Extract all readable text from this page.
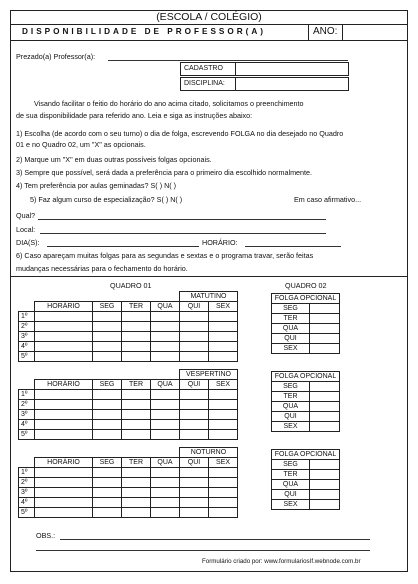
(ESCOLA / COLÉGIO)
DISPONIBILIDADE DE PROFESSOR(A)	ANO:
Prezado(a) Professor(a):
CADASTRO
DISCIPLINA:
Visando facilitar o feitio do horário do ano acima citado, solicitamos o preenchimento
de sua disponibilidade para referido ano. Leia e siga as instruções abaixo:
1) Escolha (de acordo com o seu turno) o dia de folga, escrevendo FOLGA no dia desejado no Quadro
01 e no Quadro 02, um "X" as opcionais.
2) Marque um "X" em duas outras possíveis folgas opcionais.
3) Sempre que possível, será dada a preferência para o primeiro dia escolhido normalmente.
4) Tem preferência por aulas geminadas? S( ) N( )
5) Faz algum curso de especialização? S( ) N( )	Em caso afirmativo...
Qual?
Local:
DIA(S):	HORÁRIO:
6) Caso apareçam muitas folgas para as segundas e sextas e o programa travar, serão feitas
mudanças necessárias para o fechamento do horário.
QUADRO 01	QUADRO 02
					MATUTINO	
	HORÁRIO	SEG	TER	QUA	QUI	SEX
1º						
2º						
3º						
4º						
5º						
					VESPERTINO	
	HORÁRIO	SEG	TER	QUA	QUI	SEX
1º						
2º						
3º						
4º						
5º						
					NOTURNO	
	HORÁRIO	SEG	TER	QUA	QUI	SEX
1º						
2º						
3º						
4º						
5º						
FOLGA OPCIONAL	
SEG	
TER	
QUA	
QUI	
SEX	
FOLGA OPCIONAL	
SEG	
TER	
QUA	
QUI	
SEX	
FOLGA OPCIONAL	
SEG	
TER	
QUA	
QUI	
SEX	
OBS.:
Formulário criado por: www.formulariosIf.webnode.com.br
